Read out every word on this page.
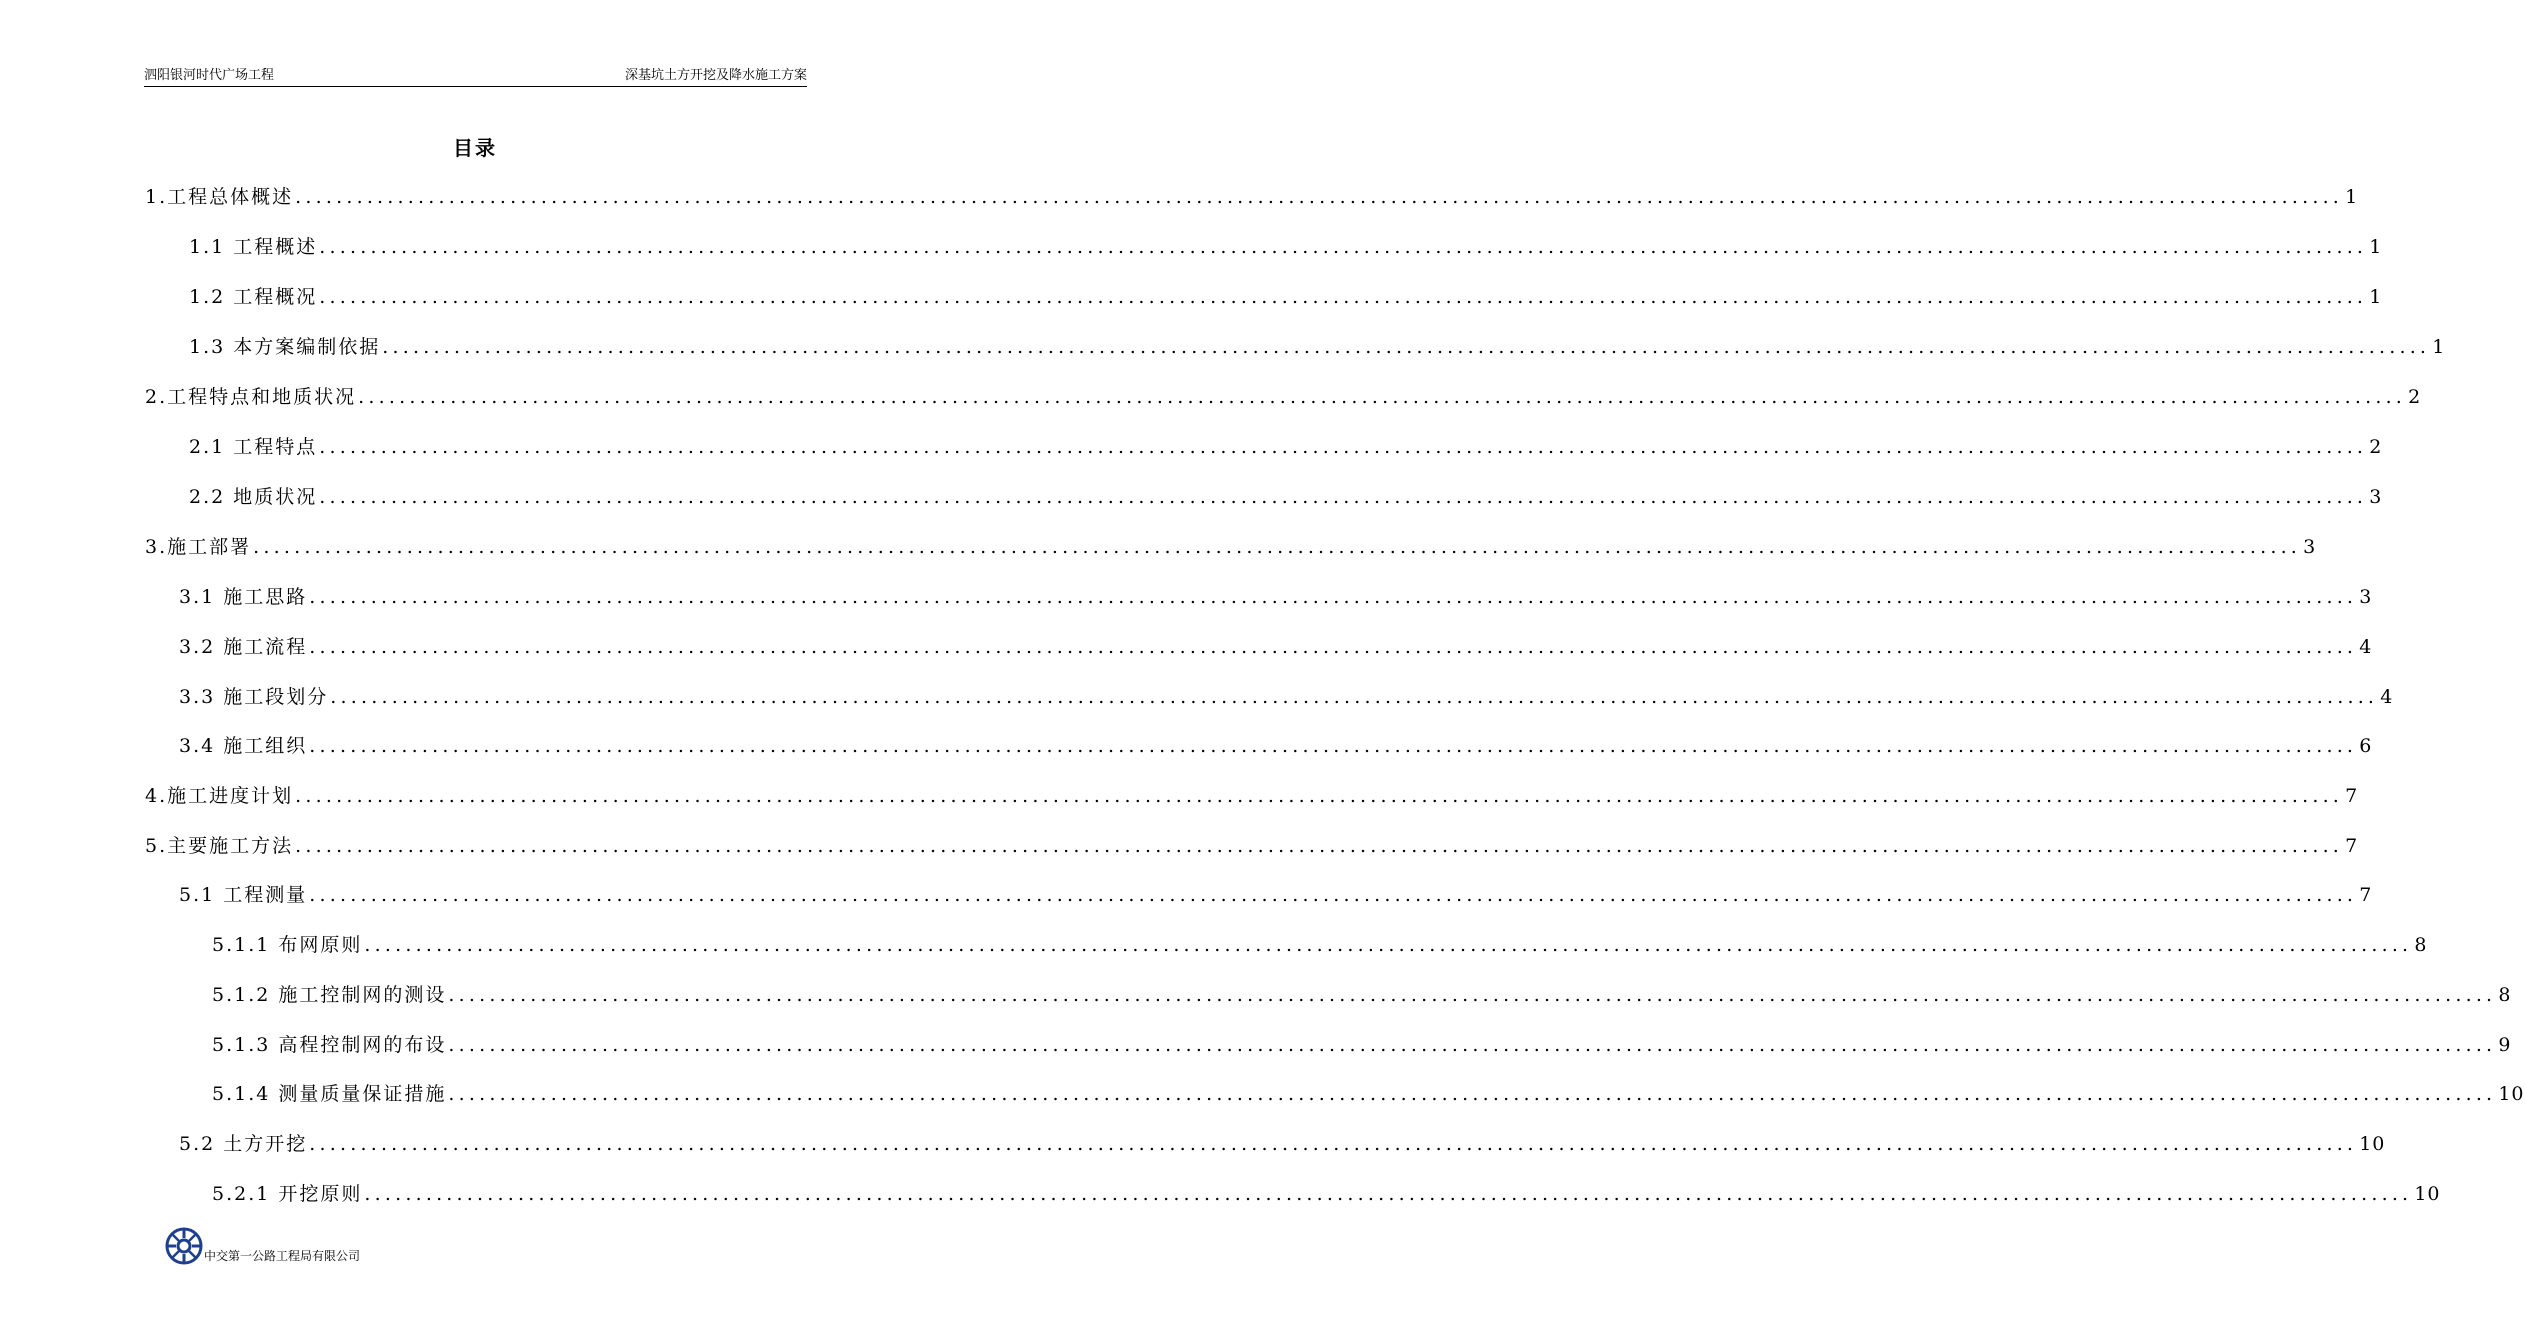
泗阳银河时代广场工程	深基坑土方开挖及降水施工方案
目录
1.工程总体概述 ........................................................................................................................................................................................................ 1
1.1 工程概述 ........................................................................................................................................................................................................ 1
1.2 工程概况 ........................................................................................................................................................................................................ 1
1.3 本方案编制依据 ........................................................................................................................................................................................................ 1
2.工程特点和地质状况 ........................................................................................................................................................................................................ 2
2.1 工程特点 ........................................................................................................................................................................................................ 2
2.2 地质状况 ........................................................................................................................................................................................................ 3
3.施工部署 ........................................................................................................................................................................................................ 3
3.1 施工思路 ........................................................................................................................................................................................................ 3
3.2 施工流程 ........................................................................................................................................................................................................ 4
3.3 施工段划分 ........................................................................................................................................................................................................ 4
3.4 施工组织 ........................................................................................................................................................................................................ 6
4.施工进度计划 ........................................................................................................................................................................................................ 7
5.主要施工方法 ........................................................................................................................................................................................................ 7
5.1 工程测量 ........................................................................................................................................................................................................ 7
5.1.1 布网原则 ........................................................................................................................................................................................................ 8
5.1.2 施工控制网的测设 ........................................................................................................................................................................................................ 8
5.1.3 高程控制网的布设 ........................................................................................................................................................................................................ 9
5.1.4 测量质量保证措施 ........................................................................................................................................................................................................ 10
5.2 土方开挖 ........................................................................................................................................................................................................ 10
5.2.1 开挖原则 ........................................................................................................................................................................................................ 10
中交第一公路工程局有限公司
